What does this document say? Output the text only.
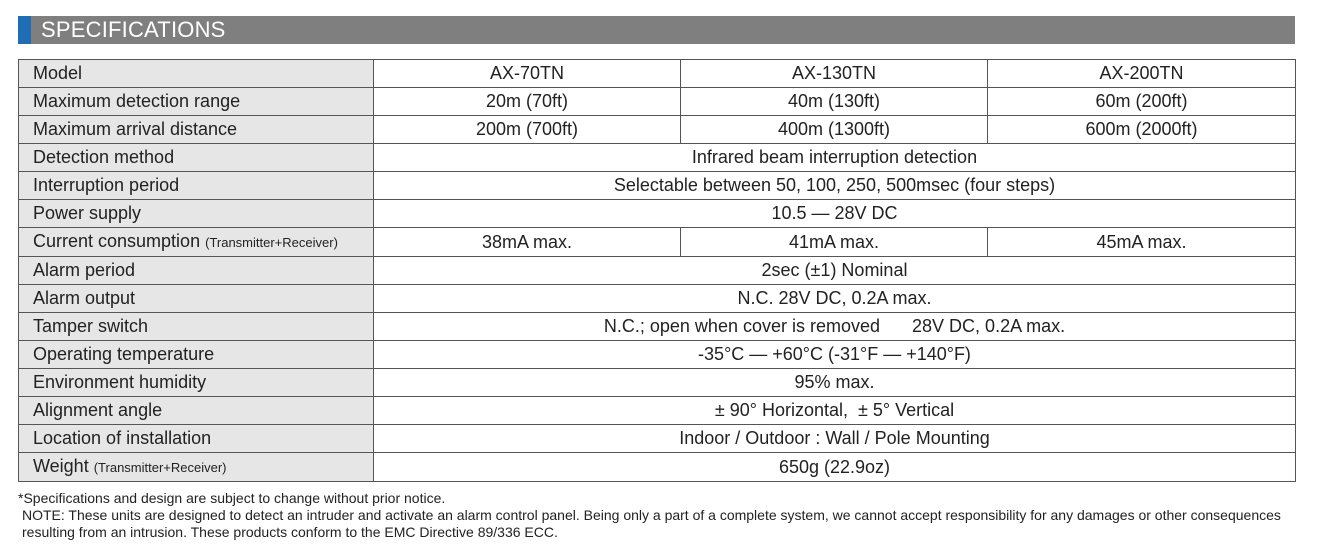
SPECIFICATIONS
Model	AX-70TN	AX-130TN	AX-200TN
Maximum detection range	20m (70ft)	40m (130ft)	60m (200ft)
Maximum arrival distance	200m (700ft)	400m (1300ft)	600m (2000ft)
Detection method	Infrared beam interruption detection		
Interruption period	Selectable between 50, 100, 250, 500msec (four steps)		
Power supply	10.5 — 28V DC		
Current consumption (Transmitter+Receiver)	38mA max.	41mA max.	45mA max.
Alarm period	2sec (±1) Nominal		
Alarm output	N.C. 28V DC, 0.2A max.		
Tamper switch	N.C.; open when cover is removed 28V DC, 0.2A max.		
Operating temperature	-35°C — +60°C (-31°F — +140°F)		
Environment humidity	95% max.		
Alignment angle	± 90° Horizontal,  ± 5° Vertical		
Location of installation	Indoor / Outdoor : Wall / Pole Mounting		
Weight (Transmitter+Receiver)	650g (22.9oz)		

*Specifications and design are subject to change without prior notice.

NOTE: These units are designed to detect an intruder and activate an alarm control panel. Being only a part of a complete system, we cannot accept responsibility for any damages or other consequences resulting from an intrusion. These products conform to the EMC Directive 89/336 ECC.
